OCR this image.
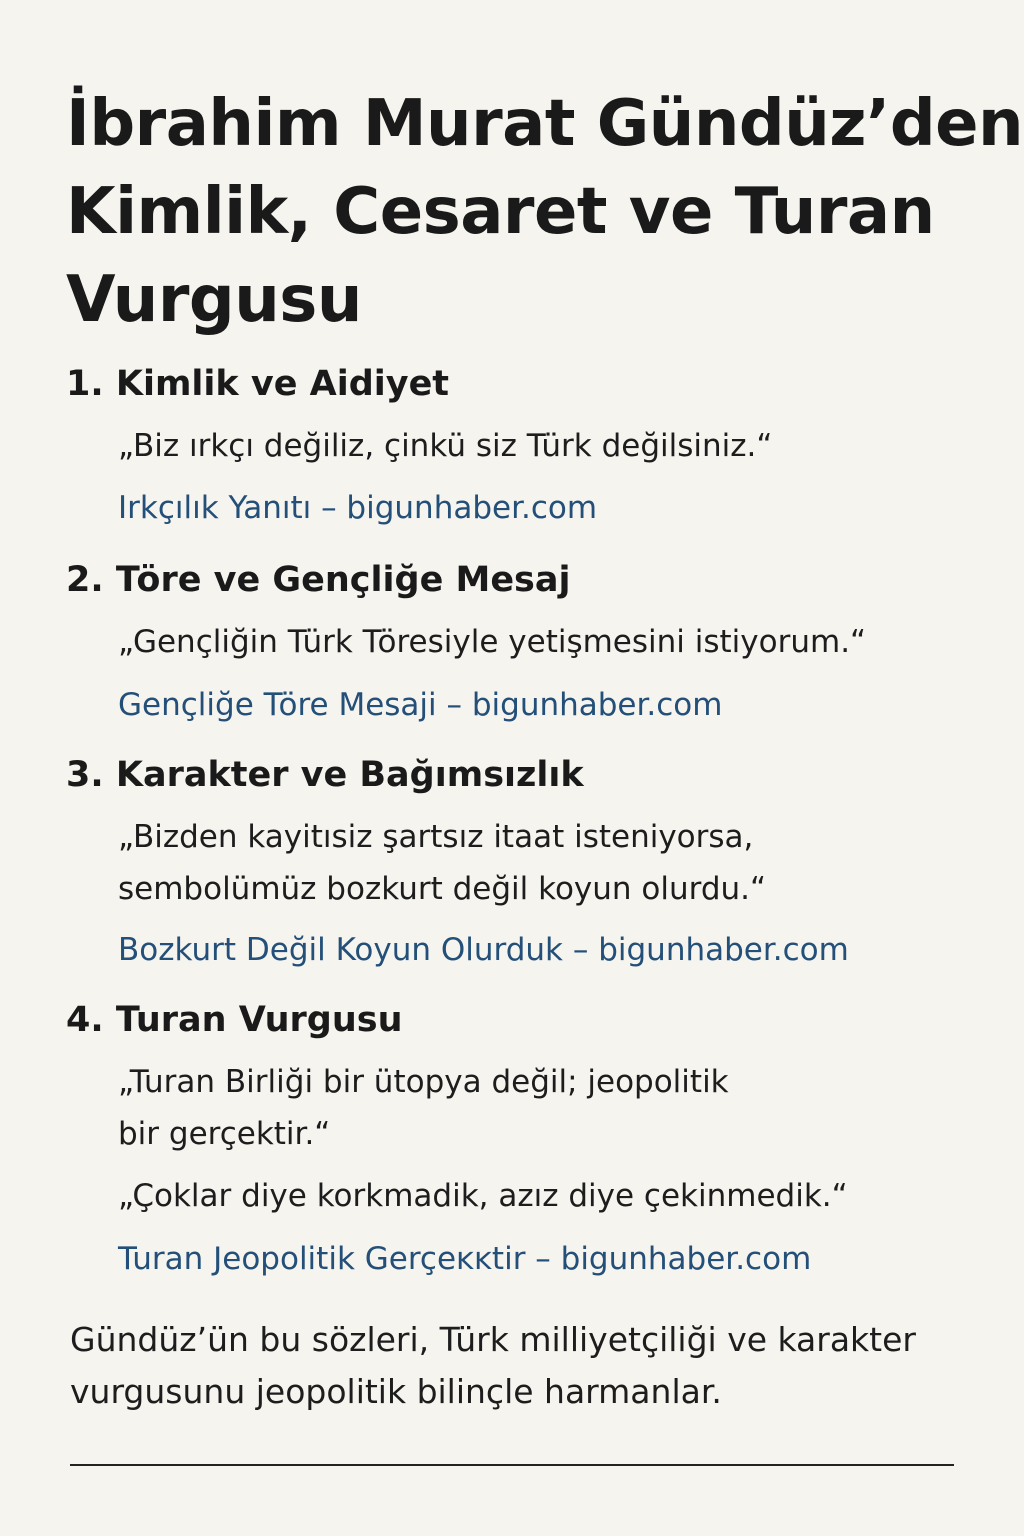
İbrahim Murat Gündüz’den
Kimlik, Cesaret ve Turan
Vurgusu
1. Kimlik ve Aidiyet

„Biz ırkçı değiliz, çinkü siz Türk değilsiniz.“

Irkçılık Yanıtı – bigunhaber.com
2. Töre ve Gençliğe Mesaj

„Gençliğin Türk Töresiyle yetişmesini istiyorum.“

Gençliğe Töre Mesaji – bigunhaber.com
3. Karakter ve Bağımsızlık

„Bizden kayitısiz şartsız itaat isteniyorsa,
sembolümüz bozkurt değil koyun olurdu.“

Bozkurt Değil Koyun Olurduk – bigunhaber.com
4. Turan Vurgusu

„Turan Birliği bir ütopya değil; jeopolitik
bir gerçektir.“

„Çoklar diye korkmadik, azız diye çekinmedik.“

Turan Jeopolitik Gerçeĸĸtir – bigunhaber.com

Gündüz’ün bu sözleri, Türk milliyetçiliği ve karakter
vurgusunu jeopolitik bilinçle harmanlar.
